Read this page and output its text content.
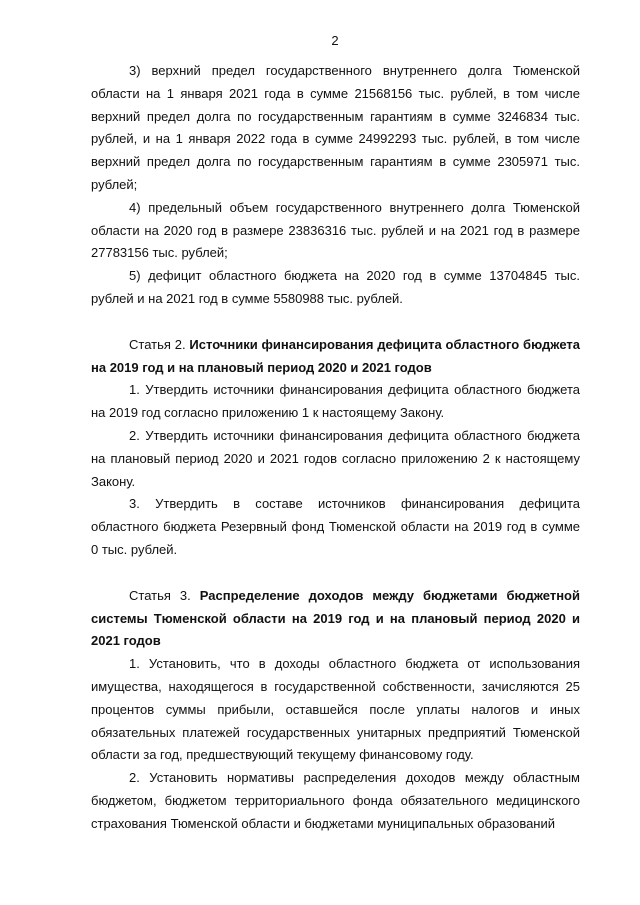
2

3) верхний предел государственного внутреннего долга Тюменской области на 1 января 2021 года в сумме 21568156 тыс. рублей, в том числе верхний предел долга по государственным гарантиям в сумме 3246834 тыс. рублей, и на 1 января 2022 года в сумме 24992293 тыс. рублей, в том числе верхний предел долга по государственным гарантиям в сумме 2305971 тыс. рублей;

4) предельный объем государственного внутреннего долга Тюменской области на 2020 год в размере 23836316 тыс. рублей и на 2021 год в размере 27783156 тыс. рублей;

5) дефицит областного бюджета на 2020 год в сумме 13704845 тыс. рублей и на 2021 год в сумме 5580988 тыс. рублей.

Статья 2. Источники финансирования дефицита областного бюджета на 2019 год и на плановый период 2020 и 2021 годов

1. Утвердить источники финансирования дефицита областного бюджета на 2019 год согласно приложению 1 к настоящему Закону.

2. Утвердить источники финансирования дефицита областного бюджета на плановый период 2020 и 2021 годов согласно приложению 2 к настоящему Закону.

3. Утвердить в составе источников финансирования дефицита областного бюджета Резервный фонд Тюменской области на 2019 год в сумме 0 тыс. рублей.

Статья 3. Распределение доходов между бюджетами бюджетной системы Тюменской области на 2019 год и на плановый период 2020 и 2021 годов

1. Установить, что в доходы областного бюджета от использования имущества, находящегося в государственной собственности, зачисляются 25 процентов суммы прибыли, оставшейся после уплаты налогов и иных обязательных платежей государственных унитарных предприятий Тюменской области за год, предшествующий текущему финансовому году.

2. Установить нормативы распределения доходов между областным бюджетом, бюджетом территориального фонда обязательного медицинского страхования Тюменской области и бюджетами муниципальных образований
